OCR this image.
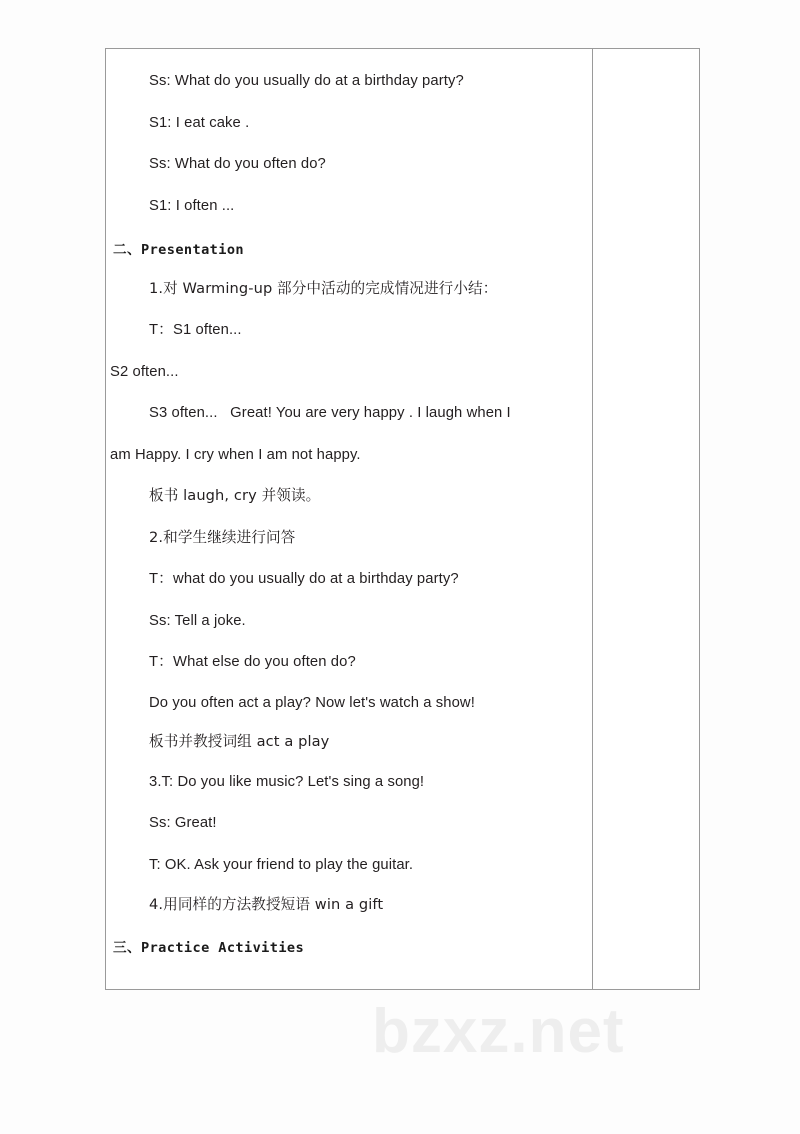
Ss: What do you usually do at a birthday party?
S1: I eat cake .
Ss: What do you often do?
S1: I often ...
二、Presentation
1.对 Warming-up 部分中活动的完成情况进行小结：
T：S1 often...
S2 often...
S3 often...   Great! You are very happy . I laugh when I
am Happy. I cry when I am not happy.
板书 laugh, cry 并领读。
2.和学生继续进行问答
T：what do you usually do at a birthday party?
Ss: Tell a joke.
T：What else do you often do?
Do you often act a play? Now let's watch a show!
板书并教授词组 act a play
3.T: Do you like music? Let's sing a song!
Ss: Great!
T: OK. Ask your friend to play the guitar.
4.用同样的方法教授短语 win a gift
三、Practice Activities
bzxz.net
